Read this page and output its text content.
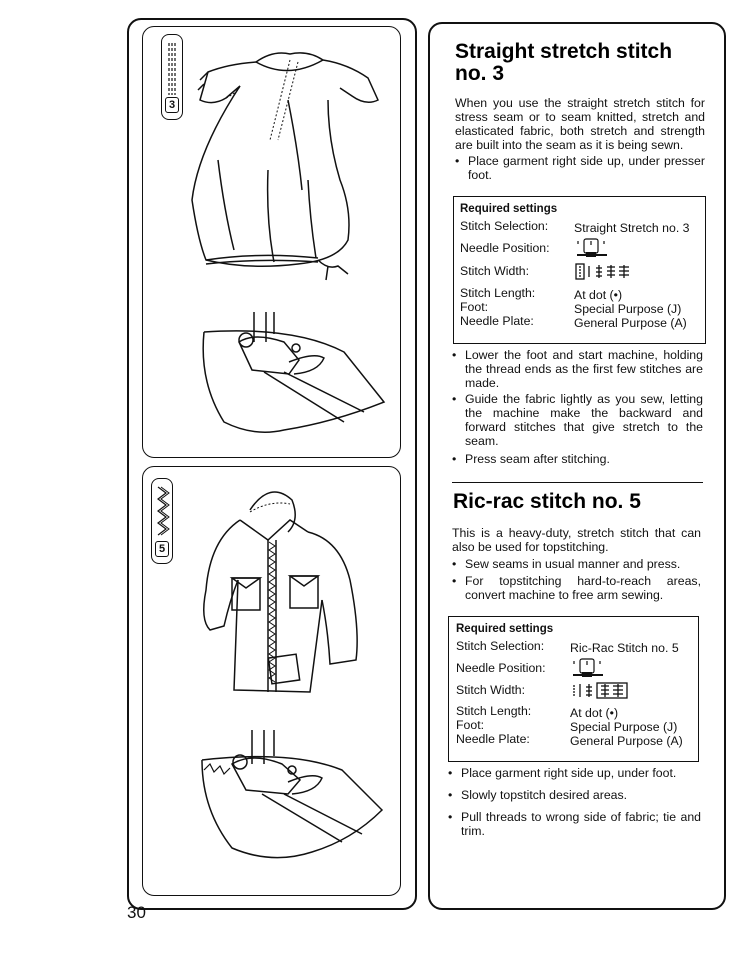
3
5
30
Straight stretch stitch
no. 3
When you use the straight stretch stitch for stress seam or to seam knitted, stretch and elasticated fabric, both stretch and strength are built into the seam as it is being sewn.
• Place garment right side up, under presser foot.
Required settings
Stitch Selection: Straight Stretch no. 3
Needle Position:
Stitch Width:
Stitch Length:	At dot (•)
Foot:	Special Purpose (J)
Needle Plate:	General Purpose (A)
• Lower the foot and start machine, holding the thread ends as the first few stitches are made.
• Guide the fabric lightly as you sew, letting the machine make the backward and forward stitches that give stretch to the seam.
• Press seam after stitching.
Ric-rac stitch no. 5
This is a heavy-duty, stretch stitch that can also be used for topstitching.
• Sew seams in usual manner and press.
• For topstitching hard-to-reach areas, convert machine to free arm sewing.
Required settings
Stitch Selection: Ric-Rac Stitch no. 5
Needle Position:
Stitch Width:
Stitch Length:	At dot (•)
Foot:	Special Purpose (J)
Needle Plate:	General Purpose (A)
• Place garment right side up, under foot.
• Slowly topstitch desired areas.
• Pull threads to wrong side of fabric; tie and trim.
